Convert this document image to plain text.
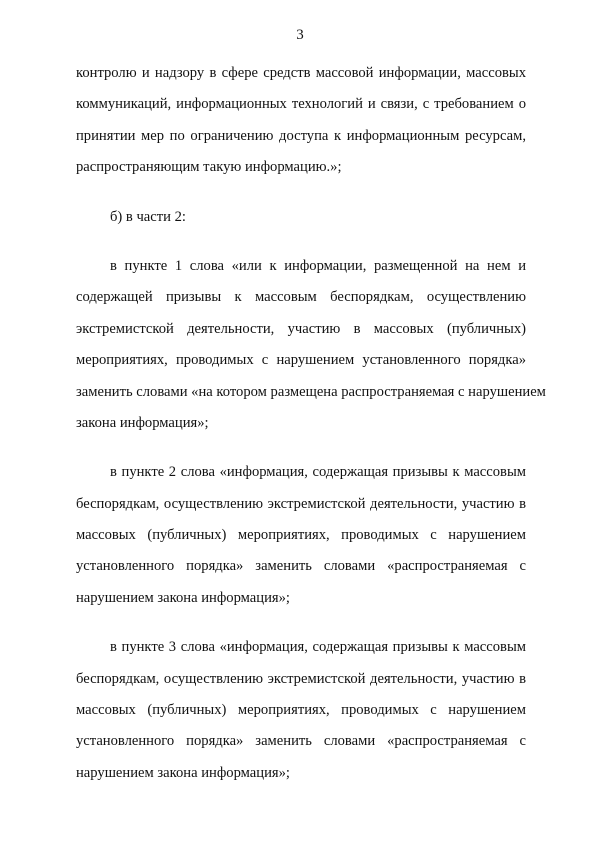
3
контролю и надзору в сфере средств массовой информации, массовых
коммуникаций, информационных технологий и связи, с требованием о
принятии мер по ограничению доступа к информационным ресурсам,
распространяющим такую информацию.»;
б) в части 2:
в пункте 1 слова «или к информации, размещенной на нем и
содержащей призывы к массовым беспорядкам, осуществлению
экстремистской деятельности, участию в массовых (публичных)
мероприятиях, проводимых с нарушением установленного порядка»
заменить словами «на котором размещена распространяемая с нарушением
закона информация»;
в пункте 2 слова «информация, содержащая призывы к массовым
беспорядкам, осуществлению экстремистской деятельности, участию в
массовых (публичных) мероприятиях, проводимых с нарушением
установленного порядка» заменить словами «распространяемая с
нарушением закона информация»;
в пункте 3 слова «информация, содержащая призывы к массовым
беспорядкам, осуществлению экстремистской деятельности, участию в
массовых (публичных) мероприятиях, проводимых с нарушением
установленного порядка» заменить словами «распространяемая с
нарушением закона информация»;
